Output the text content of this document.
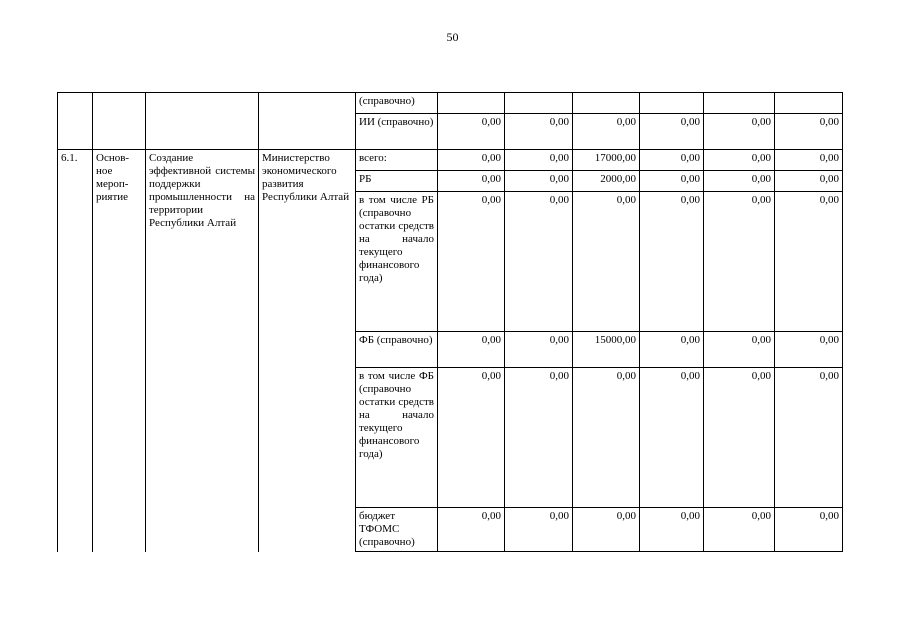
50
				(справочно)						
				ИИ (справочно)	0,00	0,00	0,00	0,00	0,00	0,00
6.1.	Основ- ное мероп- риятие	Создание эффективной системы поддержки промышленности на территории Республики Алтай	Министерство экономического развития Республики Алтай	всего:	0,00	0,00	17000,00	0,00	0,00	0,00
				РБ	0,00	0,00	2000,00	0,00	0,00	0,00
				в том числе РБ (справочно остатки средств на начало текущего финансового года)	0,00	0,00	0,00	0,00	0,00	0,00
				ФБ (справочно)	0,00	0,00	15000,00	0,00	0,00	0,00
				в том числе ФБ (справочно остатки средств на начало текущего финансового года)	0,00	0,00	0,00	0,00	0,00	0,00
				бюджет ТФОМС (справочно)	0,00	0,00	0,00	0,00	0,00	0,00
